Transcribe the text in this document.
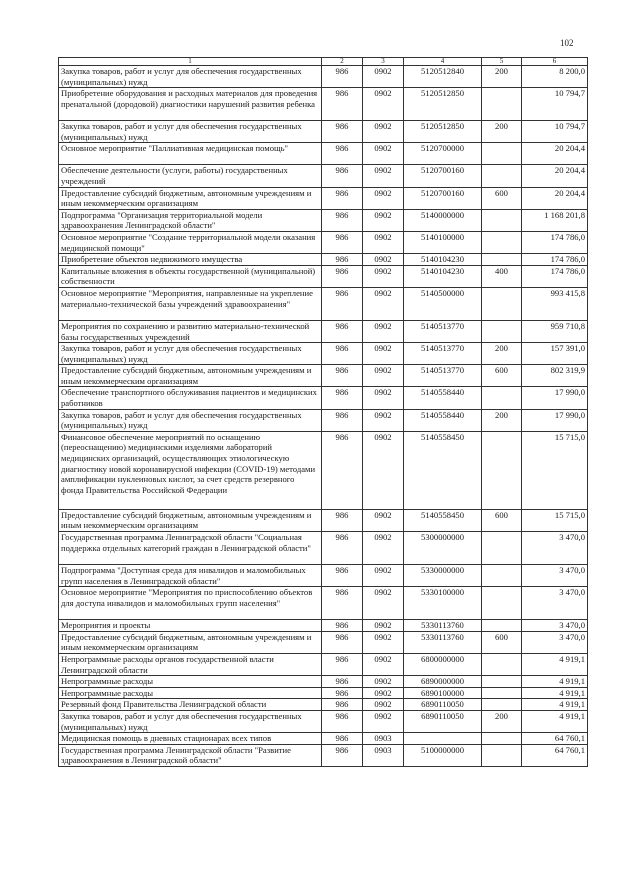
102
1	2	3	4	5	6
Закупка товаров, работ и услуг для обеспечения государственных (муниципальных) нужд	986	0902	5120512840	200	8 200,0
Приобретение оборудования и расходных материалов для проведения пренатальной (дородовой) диагностики нарушений развития ребенка	986	0902	5120512850		10 794,7
Закупка товаров, работ и услуг для обеспечения государственных (муниципальных) нужд	986	0902	5120512850	200	10 794,7
Основное мероприятие "Паллиативная медицинская помощь"	986	0902	5120700000		20 204,4
Обеспечение деятельности (услуги, работы) государственных учреждений	986	0902	5120700160		20 204,4
Предоставление субсидий бюджетным, автономным учреждениям и иным некоммерческим организациям	986	0902	5120700160	600	20 204,4
Подпрограмма "Организация территориальной модели здравоохранения Ленинградской области"	986	0902	5140000000		1 168 201,8
Основное мероприятие "Создание территориальной модели оказания медицинской помощи"	986	0902	5140100000		174 786,0
Приобретение объектов недвижимого имущества	986	0902	5140104230		174 786,0
Капитальные вложения в объекты государственной (муниципальной) собственности	986	0902	5140104230	400	174 786,0
Основное мероприятие "Мероприятия, направленные на укрепление материально-технической базы учреждений здравоохранения"	986	0902	5140500000		993 415,8
Мероприятия по сохранению и развитию материально-технической базы государственных учреждений	986	0902	5140513770		959 710,8
Закупка товаров, работ и услуг для обеспечения государственных (муниципальных) нужд	986	0902	5140513770	200	157 391,0
Предоставление субсидий бюджетным, автономным учреждениям и иным некоммерческим организациям	986	0902	5140513770	600	802 319,9
Обеспечение транспортного обслуживания пациентов и медицинских работников	986	0902	5140558440		17 990,0
Закупка товаров, работ и услуг для обеспечения государственных (муниципальных) нужд	986	0902	5140558440	200	17 990,0
Финансовое обеспечение мероприятий по оснащению (переоснащению) медицинскими изделиями лабораторий медицинских организаций, осуществляющих этиологическую диагностику новой коронавирусной инфекции (COVID-19) методами амплификации нуклеиновых кислот, за счет средств резервного фонда Правительства Российской Федерации	986	0902	5140558450		15 715,0
Предоставление субсидий бюджетным, автономным учреждениям и иным некоммерческим организациям	986	0902	5140558450	600	15 715,0
Государственная программа Ленинградской области "Социальная поддержка отдельных категорий граждан в Ленинградской области"	986	0902	5300000000		3 470,0
Подпрограмма "Доступная среда для инвалидов и маломобильных групп населения в Ленинградской области"	986	0902	5330000000		3 470,0
Основное мероприятие "Мероприятия по приспособлению объектов для доступа инвалидов и маломобильных групп населения"	986	0902	5330100000		3 470,0
Мероприятия и проекты	986	0902	5330113760		3 470,0
Предоставление субсидий бюджетным, автономным учреждениям и иным некоммерческим организациям	986	0902	5330113760	600	3 470,0
Непрограммные расходы органов государственной власти Ленинградской области	986	0902	6800000000		4 919,1
Непрограммные расходы	986	0902	6890000000		4 919,1
Непрограммные расходы	986	0902	6890100000		4 919,1
Резервный фонд Правительства Ленинградской области	986	0902	6890110050		4 919,1
Закупка товаров, работ и услуг для обеспечения государственных (муниципальных) нужд	986	0902	6890110050	200	4 919,1
Медицинская помощь в дневных стационарах всех типов	986	0903			64 760,1
Государственная программа Ленинградской области "Развитие здравоохранения в Ленинградской области"	986	0903	5100000000		64 760,1
